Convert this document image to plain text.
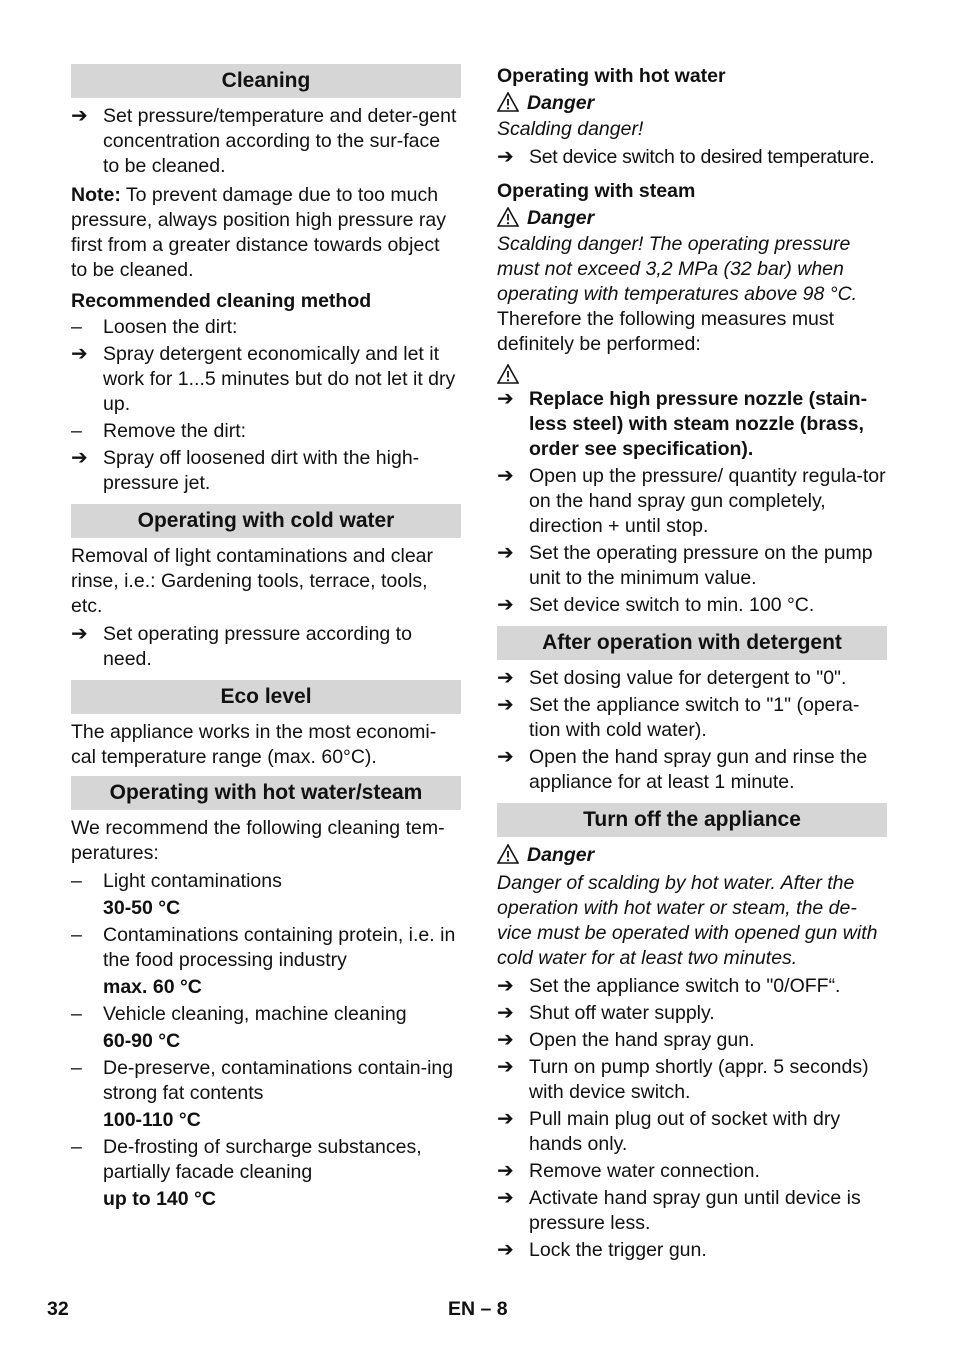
Cleaning
➔ Set pressure/temperature and deter-gent concentration according to the sur-face to be cleaned.

Note: To prevent damage due to too much pressure, always position high pressure ray first from a greater distance towards object to be cleaned.

Recommended cleaning method
–	Loosen the dirt:
➔ Spray detergent economically and let it work for 1...5 minutes but do not let it dry up.
–	Remove the dirt:
➔ Spray off loosened dirt with the high-pressure jet.
Operating with cold water

Removal of light contaminations and clear rinse, i.e.: Gardening tools, terrace, tools, etc.

➔ Set operating pressure according to need.
Eco level

The appliance works in the most economi-cal temperature range (max. 60°C).

Operating with hot water/steam

We recommend the following cleaning tem-peratures:

–	Light contaminations
30-50 °C
–	Contaminations containing protein, i.e. in the food processing industry
max. 60 °C
–	Vehicle cleaning, machine cleaning
60-90 °C
–	De-preserve, contaminations contain-ing strong fat contents
100-110 °C
–	De-frosting of surcharge substances, partially facade cleaning
up to 140 °C
Operating with hot water
Danger

Scalding danger!

➔ Set device switch to desired temperature.
Operating with steam
Danger

Scalding danger! The operating pressure must not exceed 3,2 MPa (32 bar) when operating with temperatures above 98 °C.

Therefore the following measures must definitely be performed:

➔ Replace high pressure nozzle (stain-less steel) with steam nozzle (brass, order see specification).
➔ Open up the pressure/ quantity regula-tor on the hand spray gun completely, direction + until stop.
➔ Set the operating pressure on the pump unit to the minimum value.
➔ Set device switch to min. 100 °C.
After operation with detergent
➔ Set dosing value for detergent to "0".
➔ Set the appliance switch to "1" (opera-tion with cold water).
➔ Open the hand spray gun and rinse the appliance for at least 1 minute.
Turn off the appliance
Danger

Danger of scalding by hot water. After the operation with hot water or steam, the de-vice must be operated with opened gun with cold water for at least two minutes.

➔ Set the appliance switch to "0/OFF“.
➔ Shut off water supply.
➔ Open the hand spray gun.
➔ Turn on pump shortly (appr. 5 seconds) with device switch.
➔ Pull main plug out of socket with dry hands only.
➔ Remove water connection.
➔ Activate hand spray gun until device is pressure less.
➔ Lock the trigger gun.
32	EN – 8
